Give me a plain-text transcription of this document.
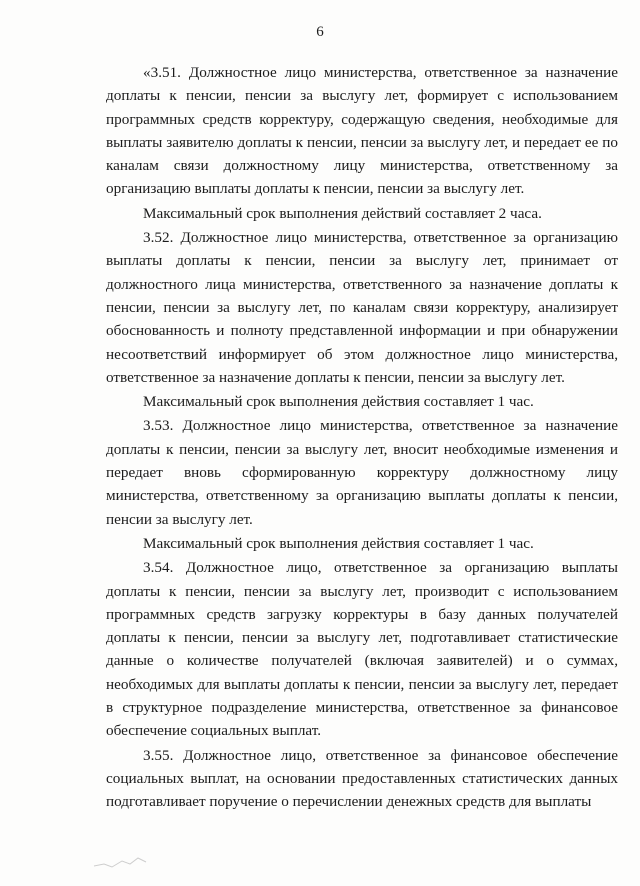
6

«3.51. Должностное лицо министерства, ответственное за назначение доплаты к пенсии, пенсии за выслугу лет, формирует с использованием программных средств корректуру, содержащую сведения, необходимые для выплаты заявителю доплаты к пенсии, пенсии за выслугу лет, и передает ее по каналам связи должностному лицу министерства, ответственному за организацию выплаты доплаты к пенсии, пенсии за выслугу лет.

Максимальный срок выполнения действий составляет 2 часа.

3.52. Должностное лицо министерства, ответственное за организацию выплаты доплаты к пенсии, пенсии за выслугу лет, принимает от должностного лица министерства, ответственного за назначение доплаты к пенсии, пенсии за выслугу лет, по каналам связи корректуру, анализирует обоснованность и полноту представленной информации и при обнаружении несоответствий информирует об этом должностное лицо министерства, ответственное за назначение доплаты к пенсии, пенсии за выслугу лет.

Максимальный срок выполнения действия составляет 1 час.

3.53. Должностное лицо министерства, ответственное за назначение доплаты к пенсии, пенсии за выслугу лет, вносит необходимые изменения и передает вновь сформированную корректуру должностному лицу министерства, ответственному за организацию выплаты доплаты к пенсии, пенсии за выслугу лет.

Максимальный срок выполнения действия составляет 1 час.

3.54. Должностное лицо, ответственное за организацию выплаты доплаты к пенсии, пенсии за выслугу лет, производит с использованием программных средств загрузку корректуры в базу данных получателей доплаты к пенсии, пенсии за выслугу лет, подготавливает статистические данные о количестве получателей (включая заявителей) и о суммах, необходимых для выплаты доплаты к пенсии, пенсии за выслугу лет, передает в структурное подразделение министерства, ответственное за финансовое обеспечение социальных выплат.

3.55. Должностное лицо, ответственное за финансовое обеспечение социальных выплат, на основании предоставленных статистических данных подготавливает поручение о перечислении денежных средств для выплаты
